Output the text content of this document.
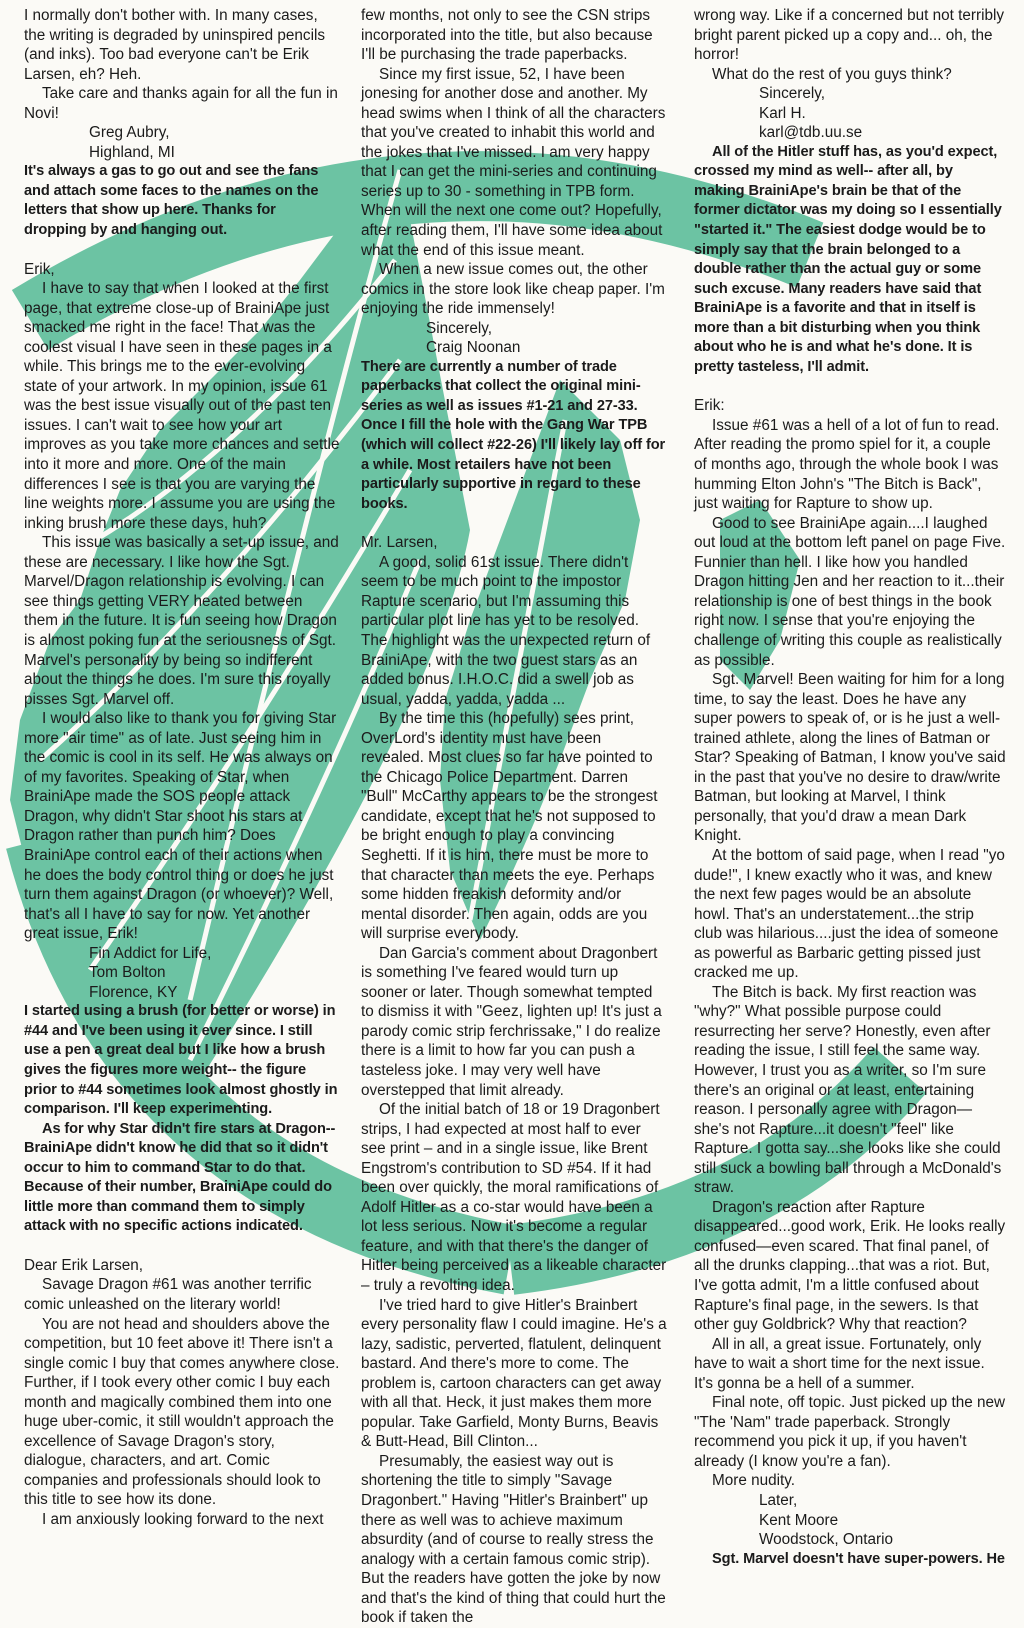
I normally don't bother with. In many cases, the writing is degraded by uninspired pencils (and inks). Too bad everyone can't be Erik Larsen, eh? Heh.

Take care and thanks again for all the fun in Novi!

Greg Aubry,

Highland, MI

It's always a gas to go out and see the fans and attach some faces to the names on the letters that show up here. Thanks for dropping by and hanging out.

Erik,

I have to say that when I looked at the first page, that extreme close-up of BrainiApe just smacked me right in the face! That was the coolest visual I have seen in these pages in a while. This brings me to the ever-evolving state of your artwork. In my opinion, issue 61 was the best issue visually out of the past ten issues. I can't wait to see how your art improves as you take more chances and settle into it more and more. One of the main differences I see is that you are varying the line weights more. I assume you are using the inking brush more these days, huh?

This issue was basically a set-up issue, and these are necessary. I like how the Sgt. Marvel/Dragon relationship is evolving. I can see things getting VERY heated between them in the future. It is fun seeing how Dragon is almost poking fun at the seriousness of Sgt. Marvel's personality by being so indifferent about the things he does. I'm sure this royally pisses Sgt. Marvel off.

I would also like to thank you for giving Star more "air time" as of late. Just seeing him in the comic is cool in its self. He was always on of my favorites. Speaking of Star, when BrainiApe made the SOS people attack Dragon, why didn't Star shoot his stars at Dragon rather than punch him? Does BrainiApe control each of their actions when he does the body control thing or does he just turn them against Dragon (or whoever)? Well, that's all I have to say for now. Yet another great issue, Erik!

Fin Addict for Life,

Tom Bolton

Florence, KY

I started using a brush (for better or worse) in #44 and I've been using it ever since. I still use a pen a great deal but I like how a brush gives the figures more weight-- the figure prior to #44 sometimes look almost ghostly in comparison. I'll keep experimenting.

As for why Star didn't fire stars at Dragon-- BrainiApe didn't know he did that so it didn't occur to him to command Star to do that. Because of their number, BrainiApe could do little more than command them to simply attack with no specific actions indicated.

Dear Erik Larsen,

Savage Dragon #61 was another terrific comic unleashed on the literary world!

You are not head and shoulders above the competition, but 10 feet above it! There isn't a single comic I buy that comes anywhere close. Further, if I took every other comic I buy each month and magically combined them into one huge uber-comic, it still wouldn't approach the excellence of Savage Dragon's story, dialogue, characters, and art. Comic companies and professionals should look to this title to see how its done.

I am anxiously looking forward to the next

few months, not only to see the CSN strips incorporated into the title, but also because I'll be purchasing the trade paperbacks.

Since my first issue, 52, I have been jonesing for another dose and another. My head swims when I think of all the characters that you've created to inhabit this world and the jokes that I've missed. I am very happy that I can get the mini-series and continuing series up to 30 - something in TPB form. When will the next one come out? Hopefully, after reading them, I'll have some idea about what the end of this issue meant.

When a new issue comes out, the other comics in the store look like cheap paper. I'm enjoying the ride immensely!

Sincerely,

Craig Noonan

There are currently a number of trade paperbacks that collect the original mini-series as well as issues #1-21 and 27-33. Once I fill the hole with the Gang War TPB (which will collect #22-26) I'll likely lay off for a while. Most retailers have not been particularly supportive in regard to these books.

Mr. Larsen,

A good, solid 61st issue. There didn't seem to be much point to the impostor Rapture scenario, but I'm assuming this particular plot line has yet to be resolved. The highlight was the unexpected return of BrainiApe, with the two guest stars as an added bonus. I.H.O.C. did a swell job as usual, yadda, yadda, yadda ...

By the time this (hopefully) sees print, OverLord's identity must have been revealed. Most clues so far have pointed to the Chicago Police Department. Darren "Bull" McCarthy appears to be the strongest candidate, except that he's not supposed to be bright enough to play a convincing Seghetti. If it is him, there must be more to that character than meets the eye. Perhaps some hidden freakish deformity and/or mental disorder. Then again, odds are you will surprise everybody.

Dan Garcia's comment about Dragonbert is something I've feared would turn up sooner or later. Though somewhat tempted to dismiss it with "Geez, lighten up! It's just a parody comic strip ferchrissake," I do realize there is a limit to how far you can push a tasteless joke. I may very well have overstepped that limit already.

Of the initial batch of 18 or 19 Dragonbert strips, I had expected at most half to ever see print – and in a single issue, like Brent Engstrom's contribution to SD #54. If it had been over quickly, the moral ramifications of Adolf Hitler as a co-star would have been a lot less serious. Now it's become a regular feature, and with that there's the danger of Hitler being perceived as a likeable character – truly a revolting idea.

I've tried hard to give Hitler's Brainbert every personality flaw I could imagine. He's a lazy, sadistic, perverted, flatulent, delinquent bastard. And there's more to come. The problem is, cartoon characters can get away with all that. Heck, it just makes them more popular. Take Garfield, Monty Burns, Beavis & Butt-Head, Bill Clinton...

Presumably, the easiest way out is shortening the title to simply "Savage Dragonbert." Having "Hitler's Brainbert" up there as well was to achieve maximum absurdity (and of course to really stress the analogy with a certain famous comic strip). But the readers have gotten the joke by now and that's the kind of thing that could hurt the book if taken the

wrong way. Like if a concerned but not terribly bright parent picked up a copy and... oh, the horror!

What do the rest of you guys think?

Sincerely,

Karl H.

karl@tdb.uu.se

All of the Hitler stuff has, as you'd expect, crossed my mind as well-- after all, by making BrainiApe's brain be that of the former dictator was my doing so I essentially "started it." The easiest dodge would be to simply say that the brain belonged to a double rather than the actual guy or some such excuse. Many readers have said that BrainiApe is a favorite and that in itself is more than a bit disturbing when you think about who he is and what he's done. It is pretty tasteless, I'll admit.

Erik:

Issue #61 was a hell of a lot of fun to read. After reading the promo spiel for it, a couple of months ago, through the whole book I was humming Elton John's "The Bitch is Back", just waiting for Rapture to show up.

Good to see BrainiApe again....I laughed out loud at the bottom left panel on page Five. Funnier than hell. I like how you handled Dragon hitting Jen and her reaction to it...their relationship is one of best things in the book right now. I sense that you're enjoying the challenge of writing this couple as realistically as possible.

Sgt. Marvel! Been waiting for him for a long time, to say the least. Does he have any super powers to speak of, or is he just a well-trained athlete, along the lines of Batman or Star? Speaking of Batman, I know you've said in the past that you've no desire to draw/write Batman, but looking at Marvel, I think personally, that you'd draw a mean Dark Knight.

At the bottom of said page, when I read "yo dude!", I knew exactly who it was, and knew the next few pages would be an absolute howl. That's an understatement...the strip club was hilarious....just the idea of someone as powerful as Barbaric getting pissed just cracked me up.

The Bitch is back. My first reaction was "why?" What possible purpose could resurrecting her serve? Honestly, even after reading the issue, I still feel the same way. However, I trust you as a writer, so I'm sure there's an original or at least, entertaining reason. I personally agree with Dragon—she's not Rapture...it doesn't "feel" like Rapture. I gotta say...she looks like she could still suck a bowling ball through a McDonald's straw.

Dragon's reaction after Rapture disappeared...good work, Erik. He looks really confused—even scared. That final panel, of all the drunks clapping...that was a riot. But, I've gotta admit, I'm a little confused about Rapture's final page, in the sewers. Is that other guy Goldbrick? Why that reaction?

All in all, a great issue. Fortunately, only have to wait a short time for the next issue. It's gonna be a hell of a summer.

Final note, off topic. Just picked up the new "The 'Nam" trade paperback. Strongly recommend you pick it up, if you haven't already (I know you're a fan).

More nudity.

Later,

Kent Moore

Woodstock, Ontario

Sgt. Marvel doesn't have super-powers. He
